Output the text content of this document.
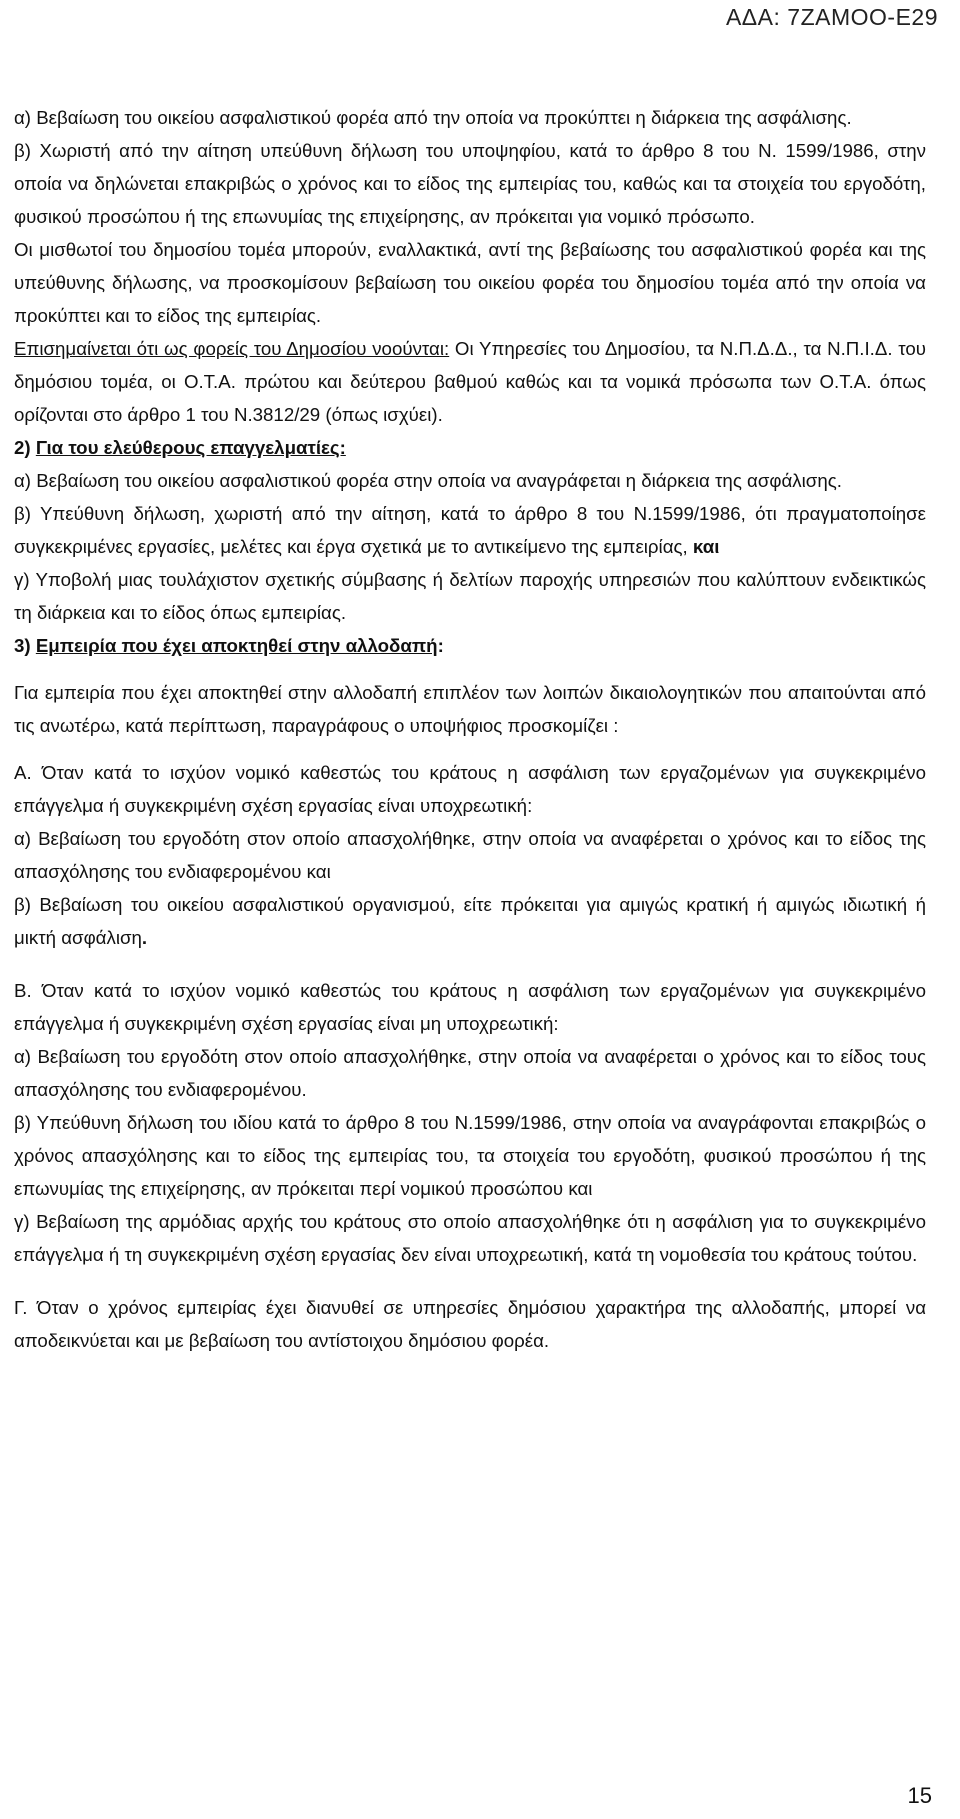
ΑΔΑ: 7ΖΑΜΟΟ-Ε29

α) Βεβαίωση του οικείου ασφαλιστικού φορέα από την οποία να προκύπτει η διάρκεια της ασφάλισης.

β) Χωριστή από την αίτηση υπεύθυνη δήλωση του υποψηφίου, κατά το άρθρο 8 του Ν. 1599/1986, στην οποία να δηλώνεται επακριβώς ο χρόνος και το είδος της εμπειρίας του, καθώς και τα στοιχεία του εργοδότη, φυσικού προσώπου ή της επωνυμίας της επιχείρησης, αν πρόκειται για νομικό πρόσωπο.

Οι μισθωτοί του δημοσίου τομέα μπορούν, εναλλακτικά, αντί της βεβαίωσης του ασφαλιστικού φορέα και της υπεύθυνης δήλωσης, να προσκομίσουν βεβαίωση του οικείου φορέα του δημοσίου τομέα από την οποία να προκύπτει και το είδος της εμπειρίας.

Επισημαίνεται ότι ως φορείς του Δημοσίου νοούνται: Οι Υπηρεσίες του Δημοσίου, τα Ν.Π.Δ.Δ., τα Ν.Π.Ι.Δ. του δημόσιου τομέα, οι Ο.Τ.Α. πρώτου και δεύτερου βαθμού καθώς και τα νομικά πρόσωπα των Ο.Τ.Α. όπως ορίζονται στο άρθρο 1 του Ν.3812/29 (όπως ισχύει).

2) Για του ελεύθερους επαγγελματίες:

α) Βεβαίωση του οικείου ασφαλιστικού φορέα στην οποία να αναγράφεται η διάρκεια της ασφάλισης.

β) Υπεύθυνη δήλωση, χωριστή από την αίτηση, κατά το άρθρο 8 του Ν.1599/1986, ότι πραγματοποίησε συγκεκριμένες εργασίες, μελέτες και έργα σχετικά με το αντικείμενο της εμπειρίας, και

γ) Υποβολή μιας τουλάχιστον σχετικής σύμβασης ή δελτίων παροχής υπηρεσιών που καλύπτουν ενδεικτικώς τη διάρκεια και το είδος όπως εμπειρίας.

3) Εμπειρία που έχει αποκτηθεί στην αλλοδαπή:

Για εμπειρία που έχει αποκτηθεί στην αλλοδαπή επιπλέον των λοιπών δικαιολογητικών που απαιτούνται από τις ανωτέρω, κατά περίπτωση, παραγράφους ο υποψήφιος προσκομίζει :

Α. Όταν κατά το ισχύον νομικό καθεστώς του κράτους η ασφάλιση των εργαζομένων για συγκεκριμένο επάγγελμα ή συγκεκριμένη σχέση εργασίας είναι υποχρεωτική:

α) Βεβαίωση του εργοδότη στον οποίο απασχολήθηκε, στην οποία να αναφέρεται ο χρόνος και το είδος της απασχόλησης του ενδιαφερομένου και

β) Βεβαίωση του οικείου ασφαλιστικού οργανισμού, είτε πρόκειται για αμιγώς κρατική ή αμιγώς ιδιωτική ή μικτή ασφάλιση.

Β. Όταν κατά το ισχύον νομικό καθεστώς του κράτους η ασφάλιση των εργαζομένων για συγκεκριμένο επάγγελμα ή συγκεκριμένη σχέση εργασίας είναι μη υποχρεωτική:

α) Βεβαίωση του εργοδότη στον οποίο απασχολήθηκε, στην οποία να αναφέρεται ο χρόνος και το είδος τους απασχόλησης του ενδιαφερομένου.

β) Υπεύθυνη δήλωση του ιδίου κατά το άρθρο 8 του Ν.1599/1986, στην οποία να αναγράφονται επακριβώς ο χρόνος απασχόλησης και το είδος της εμπειρίας του, τα στοιχεία του εργοδότη, φυσικού προσώπου ή της επωνυμίας της επιχείρησης, αν πρόκειται περί νομικού προσώπου και

γ) Βεβαίωση της αρμόδιας αρχής του κράτους στο οποίο απασχολήθηκε ότι η ασφάλιση για το συγκεκριμένο επάγγελμα ή τη συγκεκριμένη σχέση εργασίας δεν είναι υποχρεωτική, κατά τη νομοθεσία του κράτους τούτου.

Γ. Όταν ο χρόνος εμπειρίας έχει διανυθεί σε υπηρεσίες δημόσιου χαρακτήρα της αλλοδαπής, μπορεί να αποδεικνύεται και με βεβαίωση του αντίστοιχου δημόσιου φορέα.

15
